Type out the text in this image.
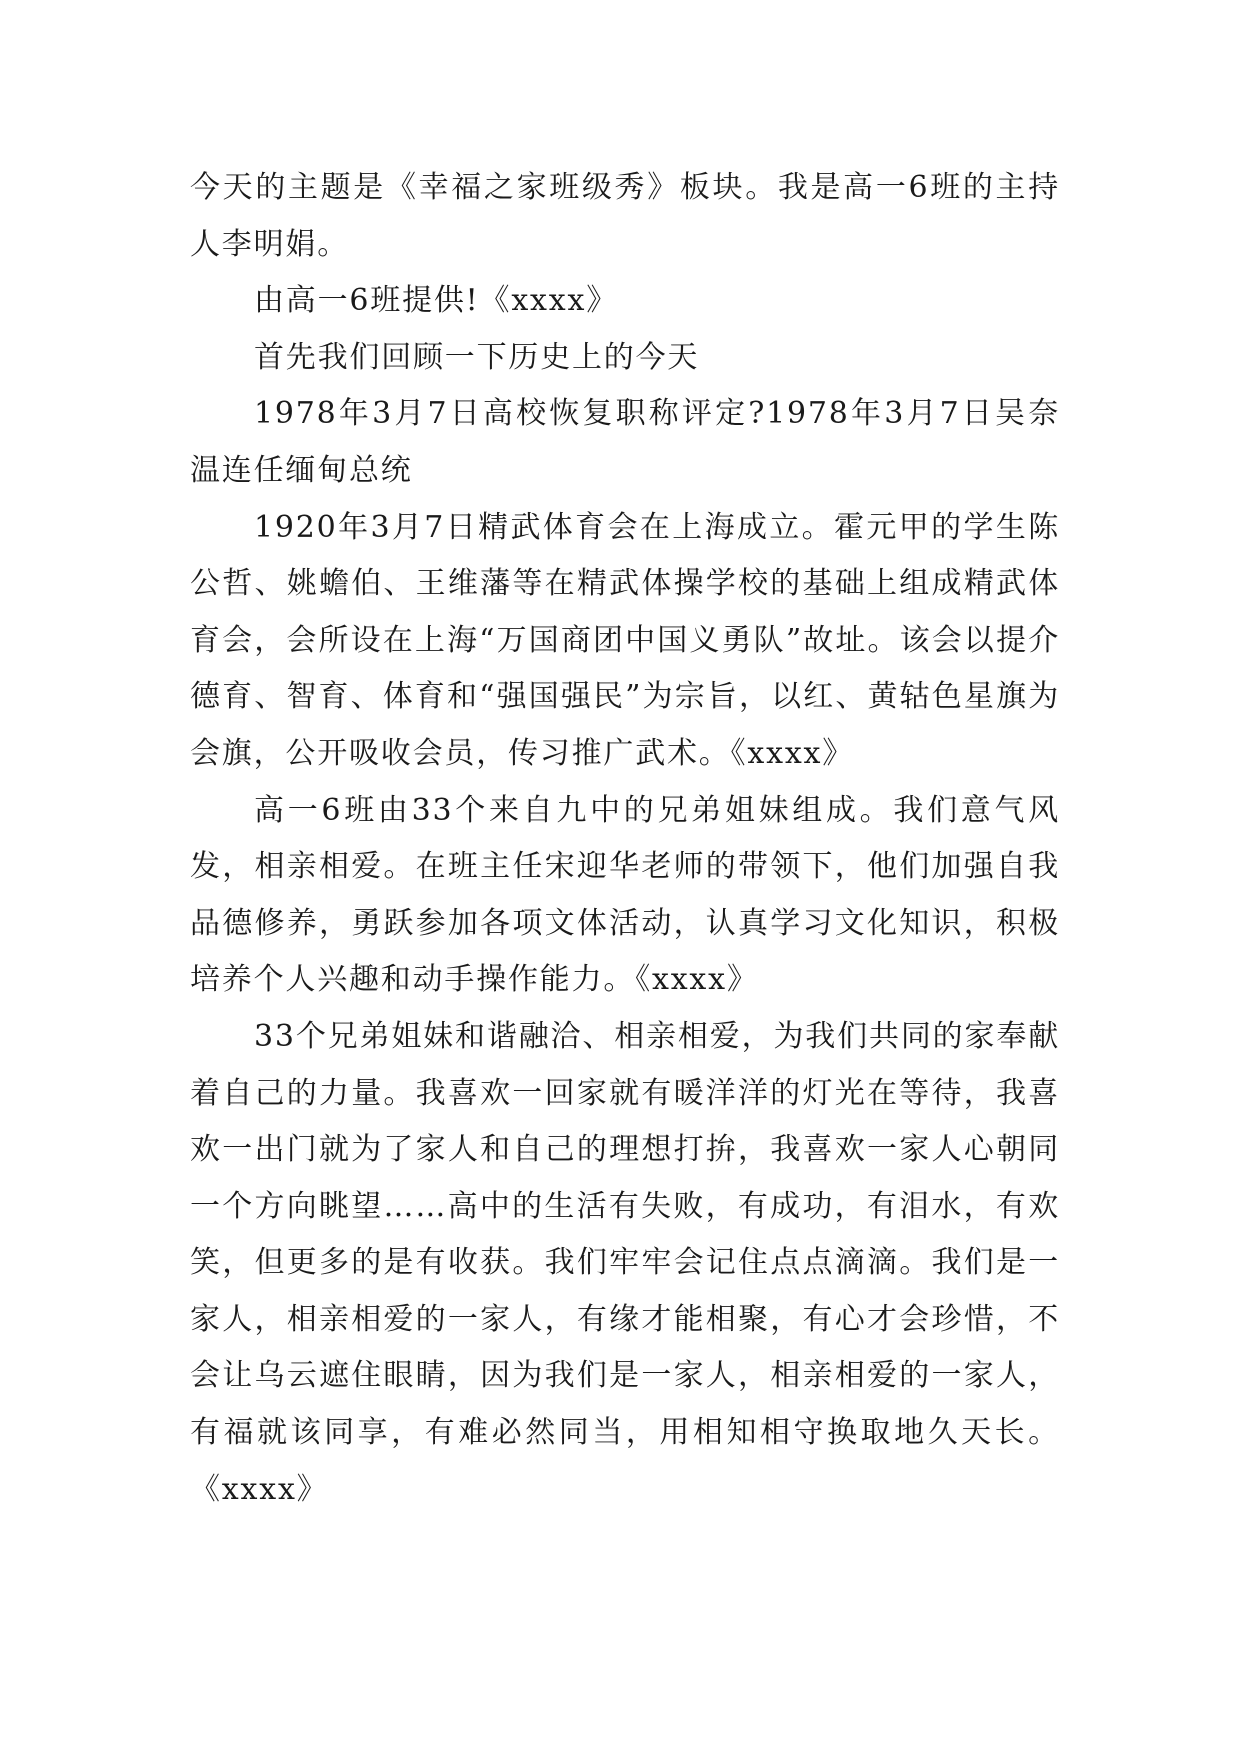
今天的主题是《幸福之家班级秀》板块。我是高一6班的主持人李明娟。

由高一6班提供!《xxxx》

首先我们回顾一下历史上的今天

1978年3月7日高校恢复职称评定?1978年3月7日吴奈温连任缅甸总统

1920年3月7日精武体育会在上海成立。霍元甲的学生陈公哲、姚蟾伯、王维藩等在精武体操学校的基础上组成精武体育会，会所设在上海“万国商团中国义勇队”故址。该会以提介德育、智育、体育和“强国强民”为宗旨，以红、黄轱色星旗为会旗，公开吸收会员，传习推广武术。《xxxx》

高一6班由33个来自九中的兄弟姐妹组成。我们意气风发，相亲相爱。在班主任宋迎华老师的带领下，他们加强自我品德修养，勇跃参加各项文体活动，认真学习文化知识，积极培养个人兴趣和动手操作能力。《xxxx》

33个兄弟姐妹和谐融洽、相亲相爱，为我们共同的家奉献着自己的力量。我喜欢一回家就有暖洋洋的灯光在等待，我喜欢一出门就为了家人和自己的理想打拚，我喜欢一家人心朝同一个方向眺望……高中的生活有失败，有成功，有泪水，有欢笑，但更多的是有收获。我们牢牢会记住点点滴滴。我们是一家人，相亲相爱的一家人，有缘才能相聚，有心才会珍惜，不会让乌云遮住眼睛，因为我们是一家人，相亲相爱的一家人，有福就该同享，有难必然同当，用相知相守换取地久天长。《xxxx》
